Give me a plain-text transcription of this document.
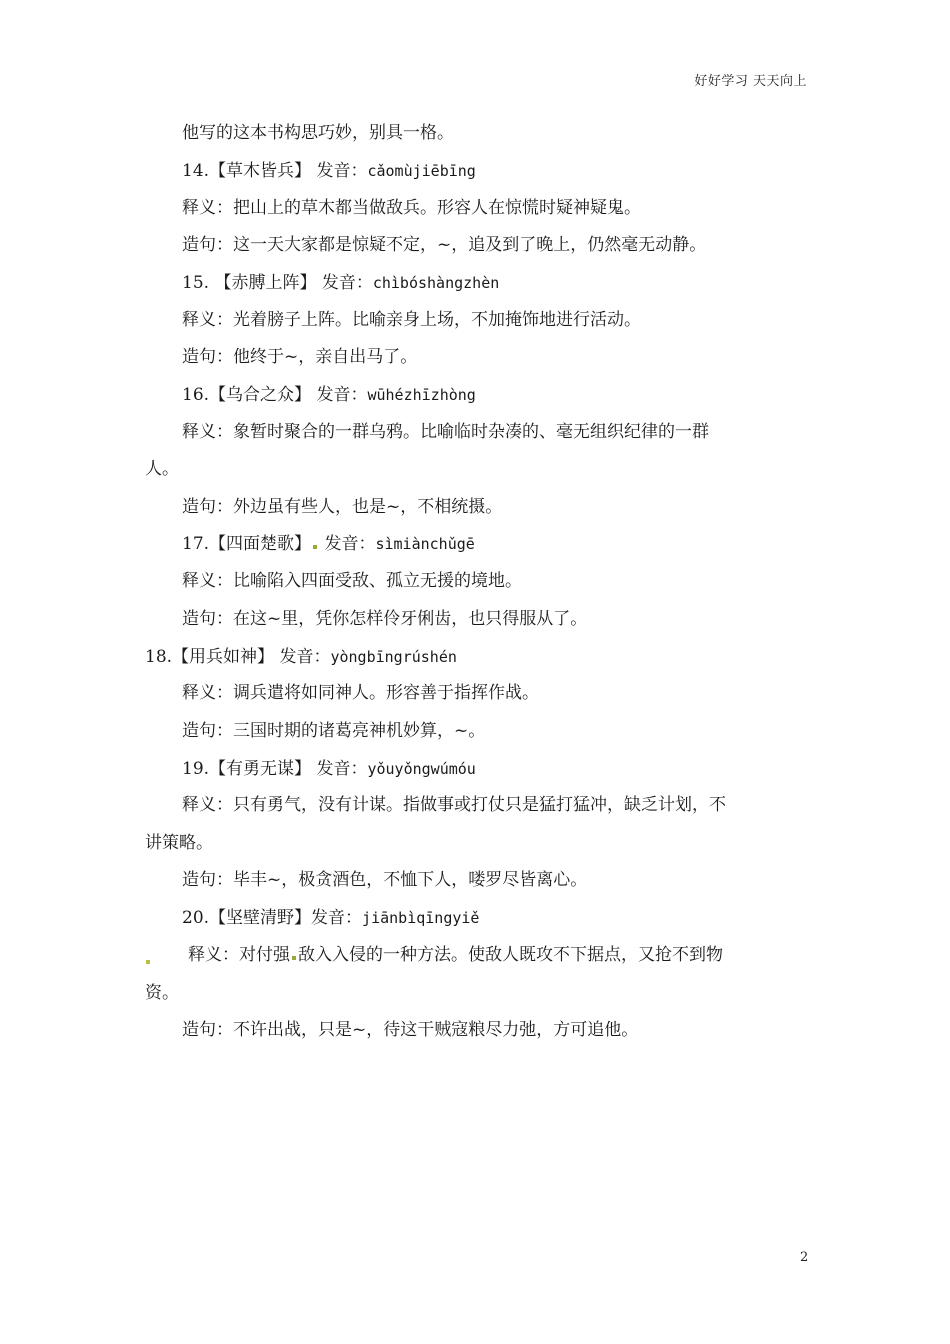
好好学习 天天向上
他写的这本书构思巧妙，别具一格。
14.【草木皆兵】 发音：cǎomùjiēbīng
释义：把山上的草木都当做敌兵。形容人在惊慌时疑神疑鬼。
造句：这一天大家都是惊疑不定，~，追及到了晚上，仍然毫无动静。
15. 【赤膊上阵】 发音：chìbóshàngzhèn
释义：光着膀子上阵。比喻亲身上场，不加掩饰地进行活动。
造句：他终于~，亲自出马了。
16.【乌合之众】 发音：wūhézhīzhòng
释义：象暂时聚合的一群乌鸦。比喻临时杂凑的、毫无组织纪律的一群
人。
造句：外边虽有些人，也是~，不相统摄。
17.【四面楚歌】 发音：sìmiànchǔgē
释义：比喻陷入四面受敌、孤立无援的境地。
造句：在这~里，凭你怎样伶牙俐齿，也只得服从了。
18.【用兵如神】 发音：yòngbīngrúshén
释义：调兵遣将如同神人。形容善于指挥作战。
造句：三国时期的诸葛亮神机妙算，~。
19.【有勇无谋】 发音：yǒuyǒngwúmóu
释义：只有勇气，没有计谋。指做事或打仗只是猛打猛冲，缺乏计划，不
讲策略。
造句：毕丰~，极贪酒色，不恤下人，喽罗尽皆离心。
20.【坚壁清野】发音：jiānbìqīngyiě
释义：对付强 敌入入侵的一种方法。使敌人既攻不下据点，又抢不到物
资。
造句：不许出战，只是~，待这干贼寇粮尽力弛，方可追他。
2
